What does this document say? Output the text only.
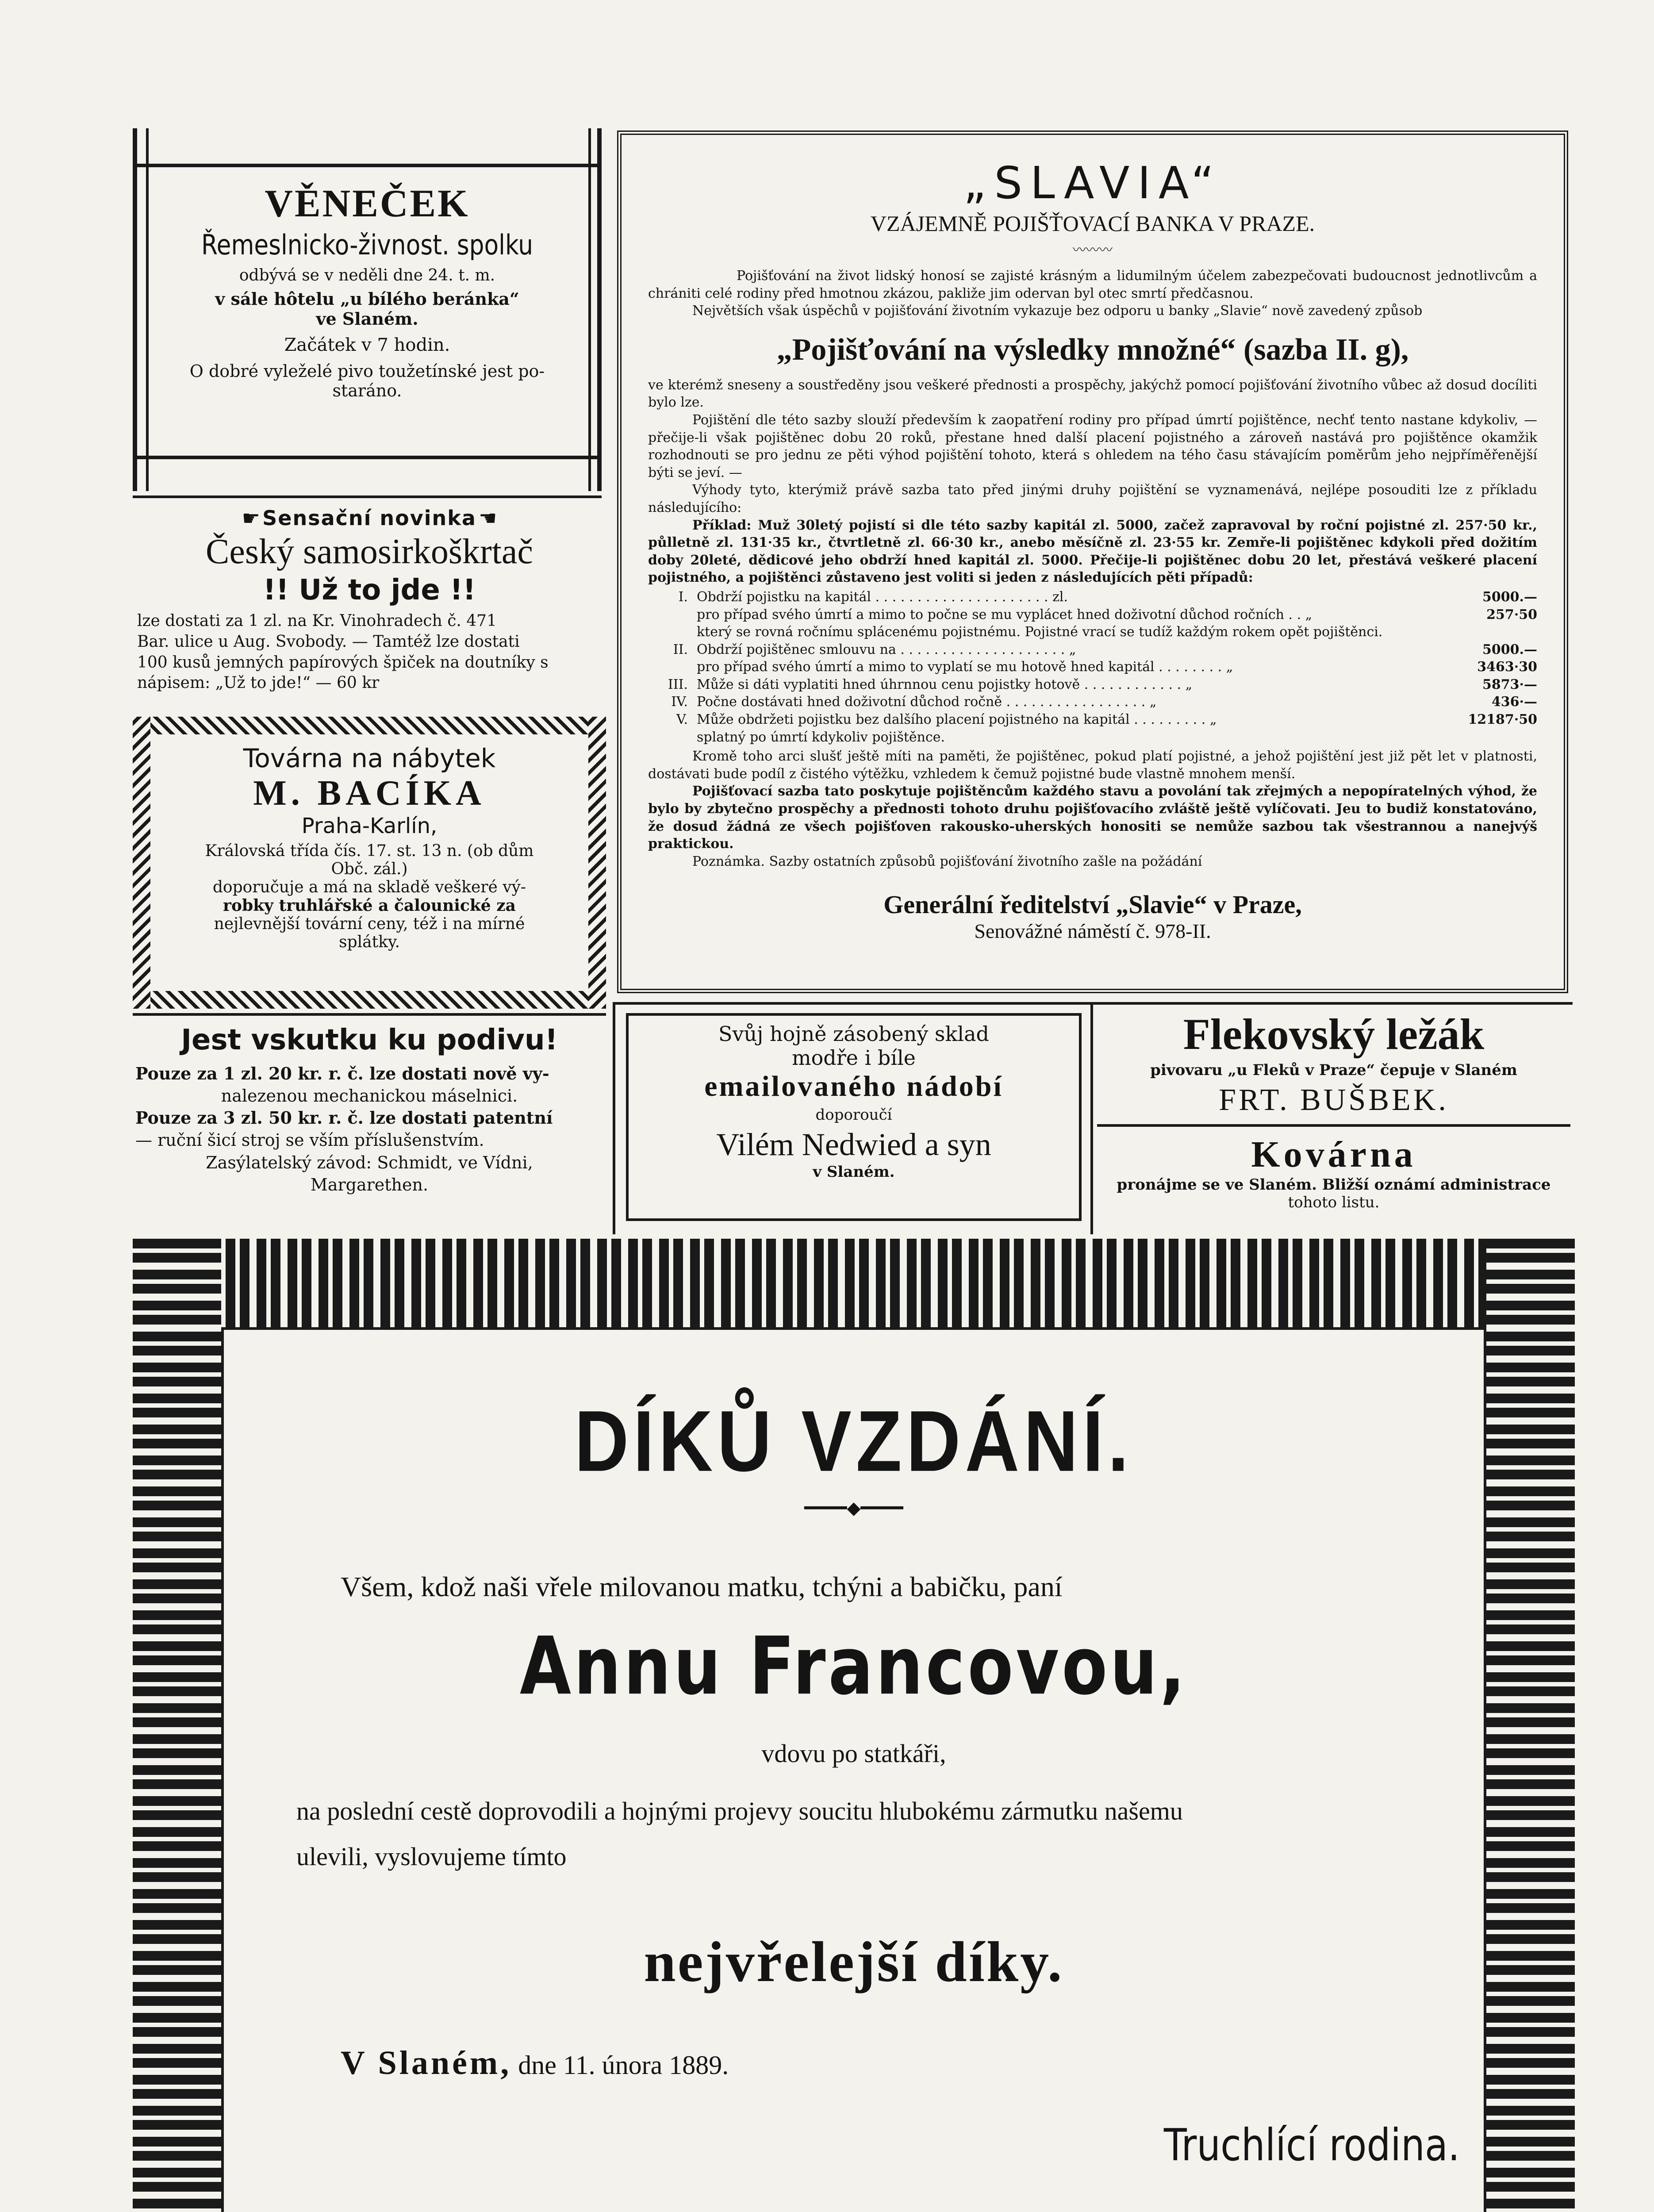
VĚNEČEK
Řemeslnicko-živnost. spolku
odbývá se v neděli dne 24. t. m.
v sále hôtelu „u bílého beránka“
ve Slaném.
Začátek v 7 hodin.
O dobré vyleželé pivo toužetínské jest po-
staráno.
☛ Sensační novinka ☚
Český samosirkoškrtač
!! Už to jde !!
lze dostati za 1 zl. na Kr. Vinohradech č. 471
Bar. ulice u Aug. Svobody. — Tamtéž lze dostati
100 kusů jemných papírových špiček na doutníky s
nápisem: „Už to jde!“ — 60 kr
Továrna na nábytek
M. BACÍKA
Praha-Karlín,
Královská třída čís. 17. st. 13 n. (ob dům
Obč. zál.)
doporučuje a má na skladě veškeré vý-
robky truhlářské a čalounické za
nejlevnější tovární ceny, též i na mírné
splátky.
Jest vskutku ku podivu!
Pouze za 1 zl. 20 kr. r. č. lze dostati nově vy-
nalezenou mechanickou máselnici.
Pouze za 3 zl. 50 kr. r. č. lze dostati patentní
— ruční šicí stroj se vším příslušenstvím.
Zasýlatelský závod: Schmidt, ve Vídni,
Margarethen.
„SLAVIA“
VZÁJEMNĚ POJIŠŤOVACÍ BANKA V PRAZE.
〰〰〰
Pojišťování na život lidský honosí se zajisté krásným a lidumilným účelem zabezpečovati budoucnost jednotlivcům a chrániti celé rodiny před hmotnou zkázou, pakliže jim odervan byl otec smrtí předčasnou.
Největších však úspěchů v pojišťování životním vykazuje bez odporu u banky „Slavie“ nově zavedený způsob
„Pojišťování na výsledky množné“ (sazba II. g),
ve kterémž sneseny a soustředěny jsou veškeré přednosti a prospěchy, jakýchž pomocí pojišťování životního vůbec až dosud docíliti bylo lze.
Pojištění dle této sazby slouží především k zaopatření rodiny pro případ úmrtí pojištěnce, nechť tento nastane kdykoliv, — přečije-li však pojištěnec dobu 20 roků, přestane hned další placení pojistného a zároveň nastává pro pojištěnce okamžik rozhodnouti se pro jednu ze pěti výhod pojištění tohoto, která s ohledem na tého času stávajícím poměrům jeho nejpříměřenější býti se jeví. —
Výhody tyto, kterýmiž právě sazba tato před jinými druhy pojištění se vyznamenává, nejlépe posouditi lze z příkladu následujícího:
Příklad: Muž 30letý pojistí si dle této sazby kapitál zl. 5000, začež zapravoval by roční pojistné zl. 257·50 kr., půlletně zl. 131·35 kr., čtvrtletně zl. 66·30 kr., anebo měsíčně zl. 23·55 kr. Zemře-li pojištěnec kdykoli před dožitím doby 20leté, dědicové jeho obdrží hned kapitál zl. 5000. Přečije-li pojištěnec dobu 20 let, přestává veškeré placení pojistného, a pojištěnci zůstaveno jest voliti si jeden z následujících pěti případů:
I. Obdrží pojistku na kapitál . . . . . . . . . . . . . . . . . . . . . zl.	5000.—
pro případ svého úmrtí a mimo to počne se mu vyplácet hned doživotní důchod ročních . . „	257·50
který se rovná ročnímu splácenému pojistnému. Pojistné vrací se tudíž každým rokem opět pojištěnci.
II. Obdrží pojištěnec smlouvu na . . . . . . . . . . . . . . . . . . . . „	5000.—
pro případ svého úmrtí a mimo to vyplatí se mu hotově hned kapitál . . . . . . . . „	3463·30
III. Může si dáti vyplatiti hned úhrnnou cenu pojistky hotově . . . . . . . . . . . . „	5873·—
IV. Počne dostávati hned doživotní důchod ročně . . . . . . . . . . . . . . . . . „	436·—
V. Může obdržeti pojistku bez dalšího placení pojistného na kapitál . . . . . . . . . „	12187·50
splatný po úmrtí kdykoliv pojištěnce.
Kromě toho arci slušť ještě míti na paměti, že pojištěnec, pokud platí pojistné, a jehož pojištění jest již pět let v platnosti, dostávati bude podíl z čistého výtěžku, vzhledem k čemuž pojistné bude vlastně mnohem menší.
Pojišťovací sazba tato poskytuje pojištěncům každého stavu a povolání tak zřejmých a nepopíratelných výhod, že bylo by zbytečno prospěchy a přednosti tohoto druhu pojišťovacího zvláště ještě vylíčovati. Jeu to budiž konstatováno, že dosud žádná ze všech pojišťoven rakousko-uherských honositi se nemůže sazbou tak všestrannou a nanejvýš praktickou.
Poznámka. Sazby ostatních způsobů pojišťování životního zašle na požádání
Generální ředitelství „Slavie“ v Praze,
Senovážné náměstí č. 978-II.
Svůj hojně zásobený sklad
modře i bíle
emailovaného nádobí
doporoučí
Vilém Nedwied a syn
v Slaném.
Flekovský ležák
pivovaru „u Fleků v Praze“ čepuje v Slaném
FRT. BUŠBEK.
Kovárna
pronájme se ve Slaném. Bližší oznámí administrace
tohoto listu.
DÍKŮ VZDÁNÍ.
━━━━◆━━━━
Všem, kdož naši vřele milovanou matku, tchýni a babičku, paní
Annu Francovou,
vdovu po statkáři,
na poslední cestě doprovodili a hojnými projevy soucitu hlubokému zármutku našemu
ulevili, vyslovujeme tímto
nejvřelejší díky.
V Slaném, dne 11. února 1889.
Truchlící rodina.
